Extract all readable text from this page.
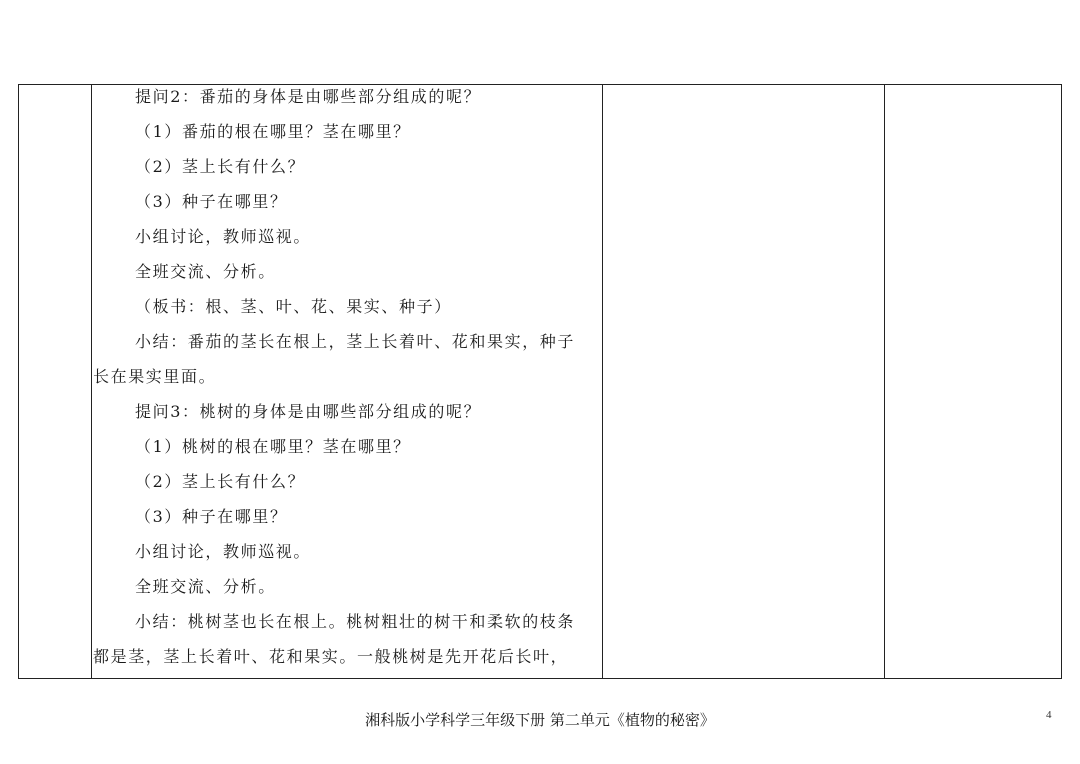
提问2：番茄的身体是由哪些部分组成的呢？
（1）番茄的根在哪里？茎在哪里？
（2）茎上长有什么？
（3）种子在哪里？
小组讨论，教师巡视。
全班交流、分析。
（板书：根、茎、叶、花、果实、种子）
小结：番茄的茎长在根上，茎上长着叶、花和果实，种子
长在果实里面。
提问3：桃树的身体是由哪些部分组成的呢？
（1）桃树的根在哪里？茎在哪里？
（2）茎上长有什么？
（3）种子在哪里？
小组讨论，教师巡视。
全班交流、分析。
小结：桃树茎也长在根上。桃树粗壮的树干和柔软的枝条
都是茎，茎上长着叶、花和果实。一般桃树是先开花后长叶，
湘科版小学科学三年级下册 第二单元《植物的秘密》	4
